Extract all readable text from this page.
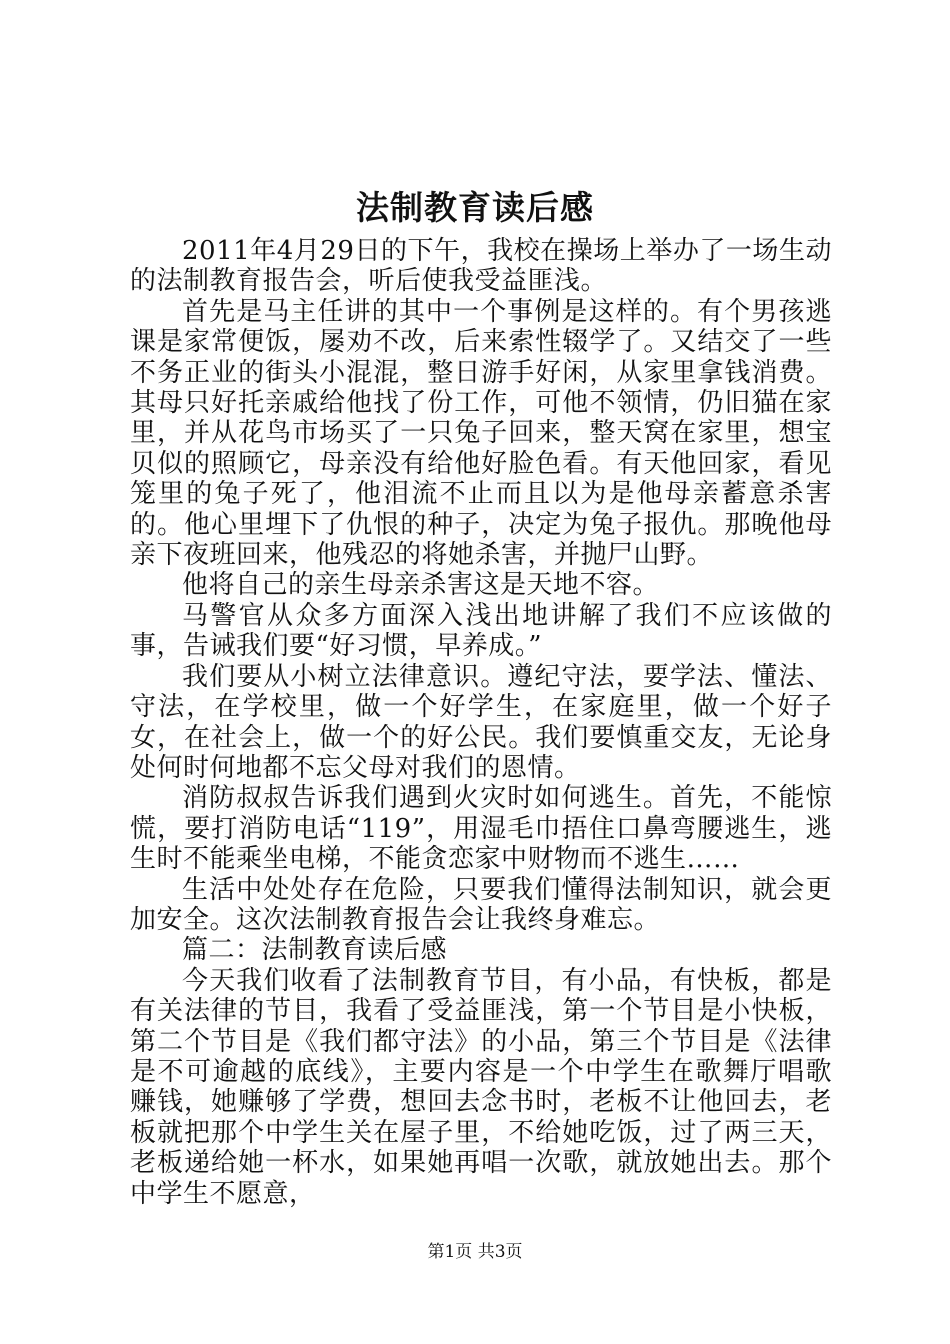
法制教育读后感

2011年4月29日的下午，我校在操场上举办了一场生动的法制教育报告会，听后使我受益匪浅。

首先是马主任讲的其中一个事例是这样的。有个男孩逃课是家常便饭，屡劝不改，后来索性辍学了。又结交了一些不务正业的街头小混混，整日游手好闲，从家里拿钱消费。其母只好托亲戚给他找了份工作，可他不领情，仍旧猫在家里，并从花鸟市场买了一只兔子回来，整天窝在家里，想宝贝似的照顾它，母亲没有给他好脸色看。有天他回家，看见笼里的兔子死了，他泪流不止而且以为是他母亲蓄意杀害的。他心里埋下了仇恨的种子，决定为兔子报仇。那晚他母亲下夜班回来，他残忍的将她杀害，并抛尸山野。

他将自己的亲生母亲杀害这是天地不容。

马警官从众多方面深入浅出地讲解了我们不应该做的事，告诫我们要“好习惯，早养成。”

我们要从小树立法律意识。遵纪守法，要学法、懂法、守法，在学校里，做一个好学生，在家庭里，做一个好子女，在社会上，做一个的好公民。我们要慎重交友，无论身处何时何地都不忘父母对我们的恩情。

消防叔叔告诉我们遇到火灾时如何逃生。首先，不能惊慌，要打消防电话“119”，用湿毛巾捂住口鼻弯腰逃生，逃生时不能乘坐电梯，不能贪恋家中财物而不逃生……

生活中处处存在危险，只要我们懂得法制知识，就会更加安全。这次法制教育报告会让我终身难忘。

篇二：法制教育读后感

今天我们收看了法制教育节目，有小品，有快板，都是有关法律的节目，我看了受益匪浅，第一个节目是小快板，第二个节目是《我们都守法》的小品，第三个节目是《法律是不可逾越的底线》，主要内容是一个中学生在歌舞厅唱歌赚钱，她赚够了学费，想回去念书时，老板不让他回去，老板就把那个中学生关在屋子里，不给她吃饭，过了两三天，老板递给她一杯水，如果她再唱一次歌，就放她出去。那个中学生不愿意，

第1页 共3页
